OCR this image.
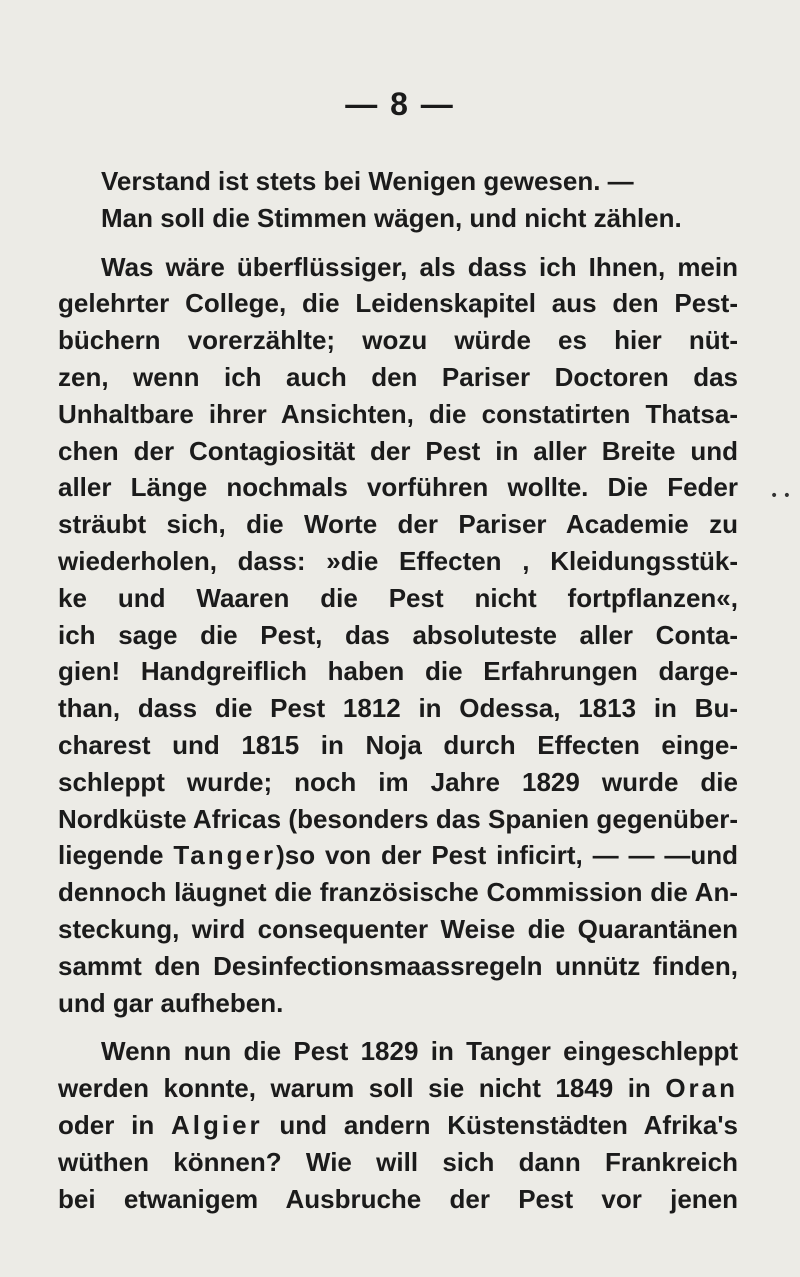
— 8 —
• •
Verstand ist stets bei Wenigen gewesen. —
Man soll die Stimmen wägen, und nicht zählen.
Was wäre überflüssiger, als dass ich Ihnen, mein
gelehrter College, die Leidenskapitel aus den Pest-
büchern vorerzählte; wozu würde es hier nüt-
zen, wenn ich auch den Pariser Doctoren das
Unhaltbare ihrer Ansichten, die constatirten Thatsa-
chen der Contagiosität der Pest in aller Breite und
aller Länge nochmals vorführen wollte. Die Feder
sträubt sich, die Worte der Pariser Academie zu
wiederholen, dass: »die Effecten , Kleidungsstük-
ke und Waaren die Pest nicht fortpflanzen«,
ich sage die Pest, das absoluteste aller Conta-
gien! Handgreiflich haben die Erfahrungen darge-
than, dass die Pest 1812 in Odessa, 1813 in Bu-
charest und 1815 in Noja durch Effecten einge-
schleppt wurde; noch im Jahre 1829 wurde die
Nordküste Africas (besonders das Spanien gegenüber-
liegende Tanger)so von der Pest inficirt, — — —und
dennoch läugnet die französische Commission die An-
steckung, wird consequenter Weise die Quarantänen
sammt den Desinfectionsmaassregeln unnütz finden,
und gar aufheben.
Wenn nun die Pest 1829 in Tanger eingeschleppt
werden konnte, warum soll sie nicht 1849 in Oran
oder in Algier und andern Küstenstädten Afrika's
wüthen können? Wie will sich dann Frankreich
bei etwanigem Ausbruche der Pest vor jenen
